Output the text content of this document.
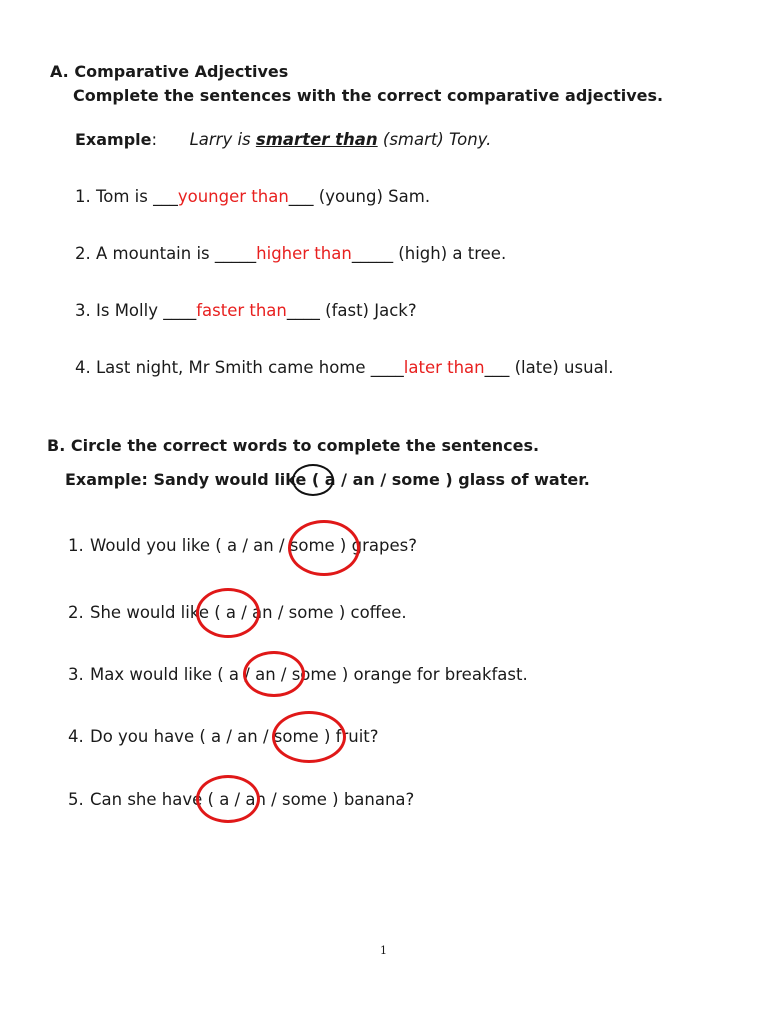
A. Comparative Adjectives
Complete the sentences with the correct comparative adjectives.
Example: Larry is smarter than (smart) Tony.
1. Tom is ___younger than___ (young) Sam.
2. A mountain is _____higher than_____ (high) a tree.
3. Is Molly ____faster than____ (fast) Jack?
4. Last night, Mr Smith came home ____later than___ (late) usual.
B. Circle the correct words to complete the sentences.
Example: Sandy would like ( a / an / some ) glass of water.
1. Would you like ( a / an / some ) grapes?
2. She would like ( a / an / some ) coffee.
3. Max would like ( a / an / some ) orange for breakfast.
4. Do you have ( a / an / some ) fruit?
5. Can she have ( a / an / some ) banana?
1
